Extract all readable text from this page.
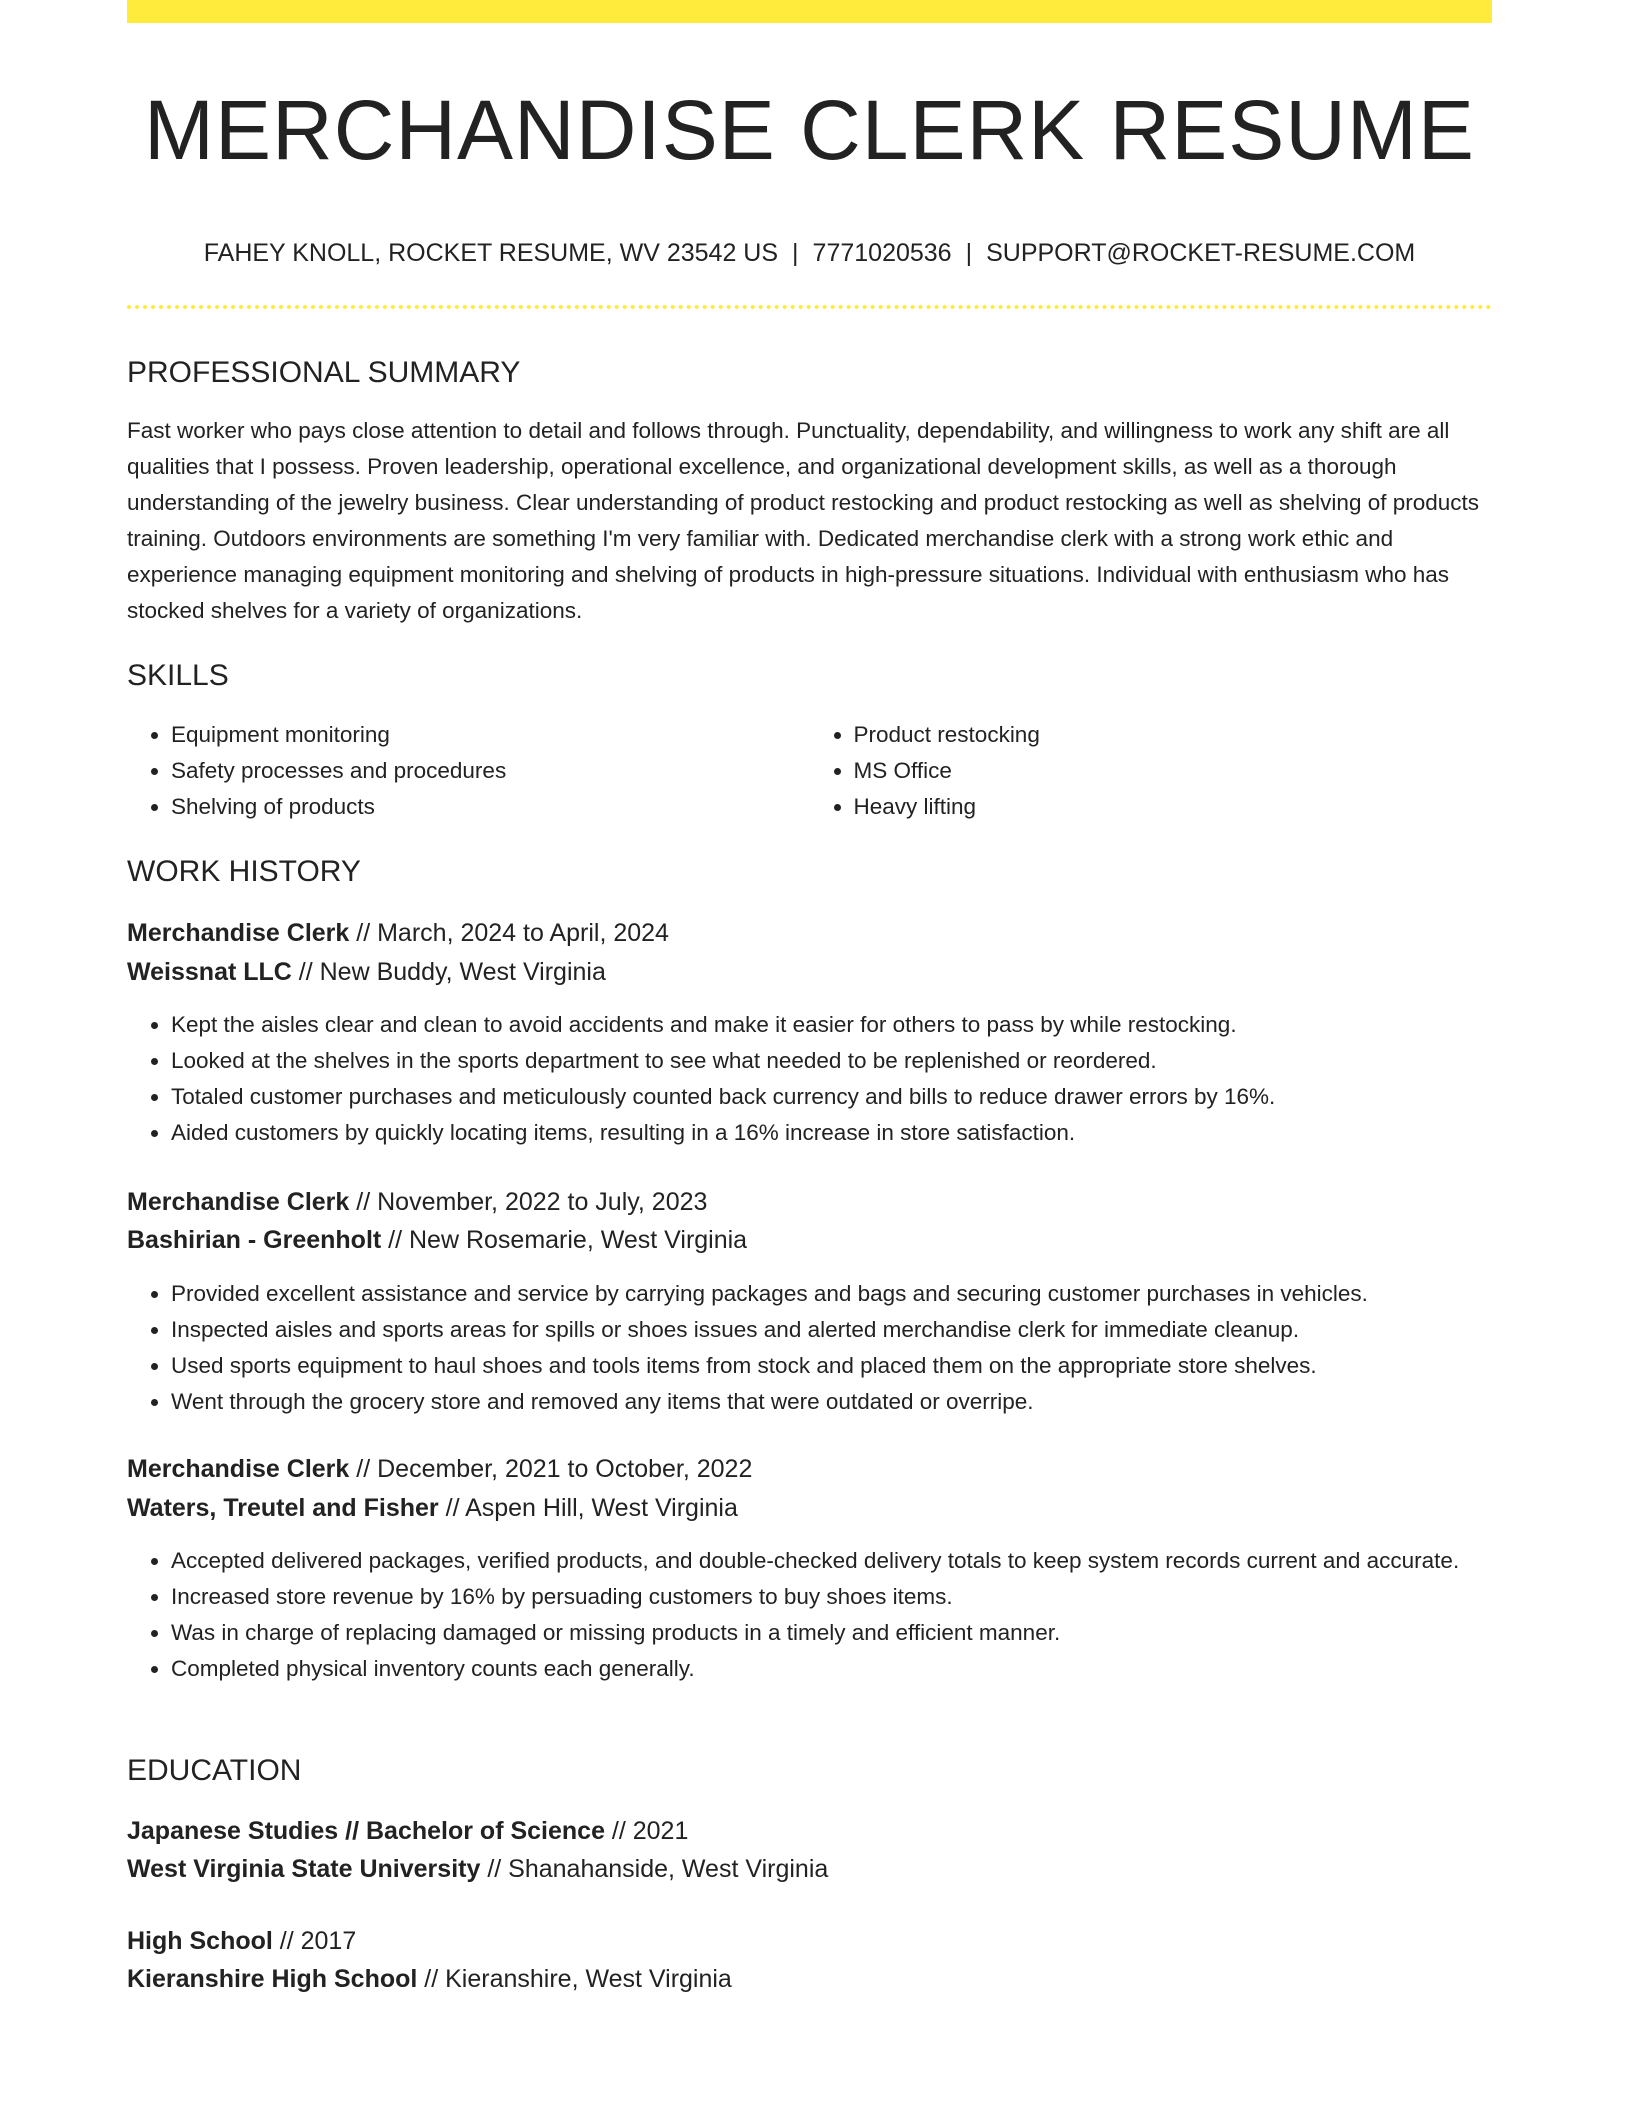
MERCHANDISE CLERK RESUME
FAHEY KNOLL, ROCKET RESUME, WV 23542 US | 7771020536 | SUPPORT@ROCKET-RESUME.COM
PROFESSIONAL SUMMARY

Fast worker who pays close attention to detail and follows through. Punctuality, dependability, and willingness to work any shift are all qualities that I possess. Proven leadership, operational excellence, and organizational development skills, as well as a thorough understanding of the jewelry business. Clear understanding of product restocking and product restocking as well as shelving of products training. Outdoors environments are something I'm very familiar with. Dedicated merchandise clerk with a strong work ethic and experience managing equipment monitoring and shelving of products in high-pressure situations. Individual with enthusiasm who has stocked shelves for a variety of organizations.

SKILLS
• Equipment monitoring
• Safety processes and procedures
• Shelving of products
• Product restocking
• MS Office
• Heavy lifting
WORK HISTORY
Merchandise Clerk // March, 2024 to April, 2024
Weissnat LLC // New Buddy, West Virginia
• Kept the aisles clear and clean to avoid accidents and make it easier for others to pass by while restocking.
• Looked at the shelves in the sports department to see what needed to be replenished or reordered.
• Totaled customer purchases and meticulously counted back currency and bills to reduce drawer errors by 16%.
• Aided customers by quickly locating items, resulting in a 16% increase in store satisfaction.
Merchandise Clerk // November, 2022 to July, 2023
Bashirian - Greenholt // New Rosemarie, West Virginia
• Provided excellent assistance and service by carrying packages and bags and securing customer purchases in vehicles.
• Inspected aisles and sports areas for spills or shoes issues and alerted merchandise clerk for immediate cleanup.
• Used sports equipment to haul shoes and tools items from stock and placed them on the appropriate store shelves.
• Went through the grocery store and removed any items that were outdated or overripe.
Merchandise Clerk // December, 2021 to October, 2022
Waters, Treutel and Fisher // Aspen Hill, West Virginia
• Accepted delivered packages, verified products, and double-checked delivery totals to keep system records current and accurate.
• Increased store revenue by 16% by persuading customers to buy shoes items.
• Was in charge of replacing damaged or missing products in a timely and efficient manner.
• Completed physical inventory counts each generally.
EDUCATION
Japanese Studies // Bachelor of Science // 2021
West Virginia State University // Shanahanside, West Virginia
High School // 2017
Kieranshire High School // Kieranshire, West Virginia
